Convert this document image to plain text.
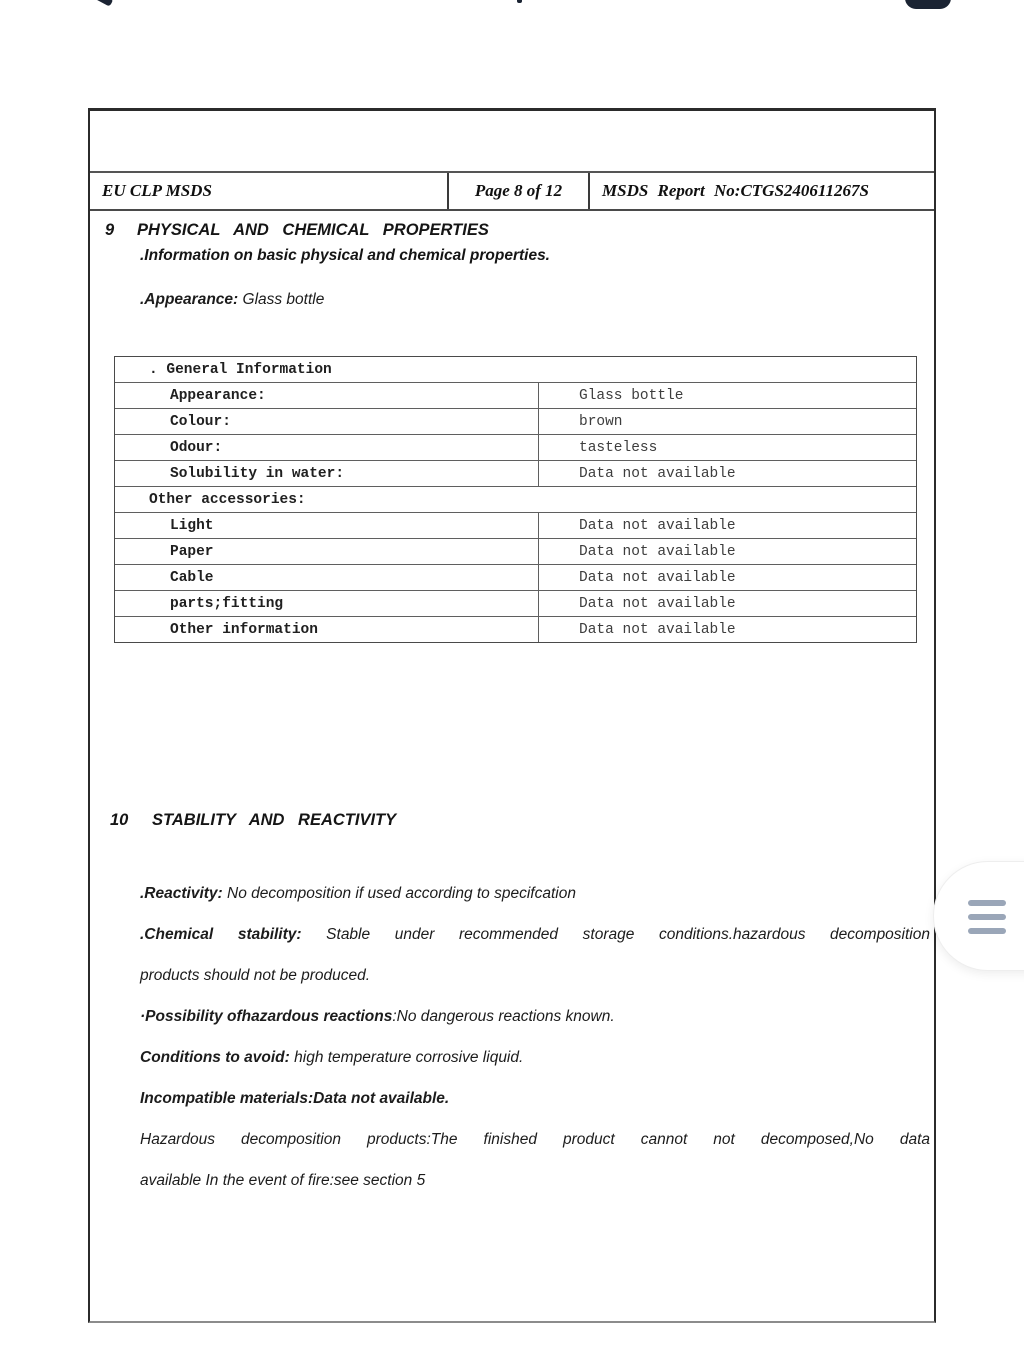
EU CLP MSDS	Page 8 of 12 MSDS Report No:CTGS240611267S
9 PHYSICAL AND CHEMICAL PROPERTIES
.Information on basic physical and chemical properties.
.Appearance: Glass bottle
. General Information
Appearance:	Glass bottle
Colour:	brown
Odour:	tasteless
Solubility in water:	Data not available
Other accessories:
Light	Data not available
Paper	Data not available
Cable	Data not available
parts;fitting	Data not available
Other information	Data not available
10 STABILITY AND REACTIVITY
.Reactivity: No decomposition if used according to specifcation
.Chemical stability: Stable under recommended storage conditions.hazardous decomposition
products should not be produced.
·Possibility ofhazardous reactions:No dangerous reactions known.
Conditions to avoid: high temperature corrosive liquid.
Incompatible materials:Data not available.
Hazardous decomposition products:The finished product cannot not decomposed,No data
available In the event of fire:see section 5
